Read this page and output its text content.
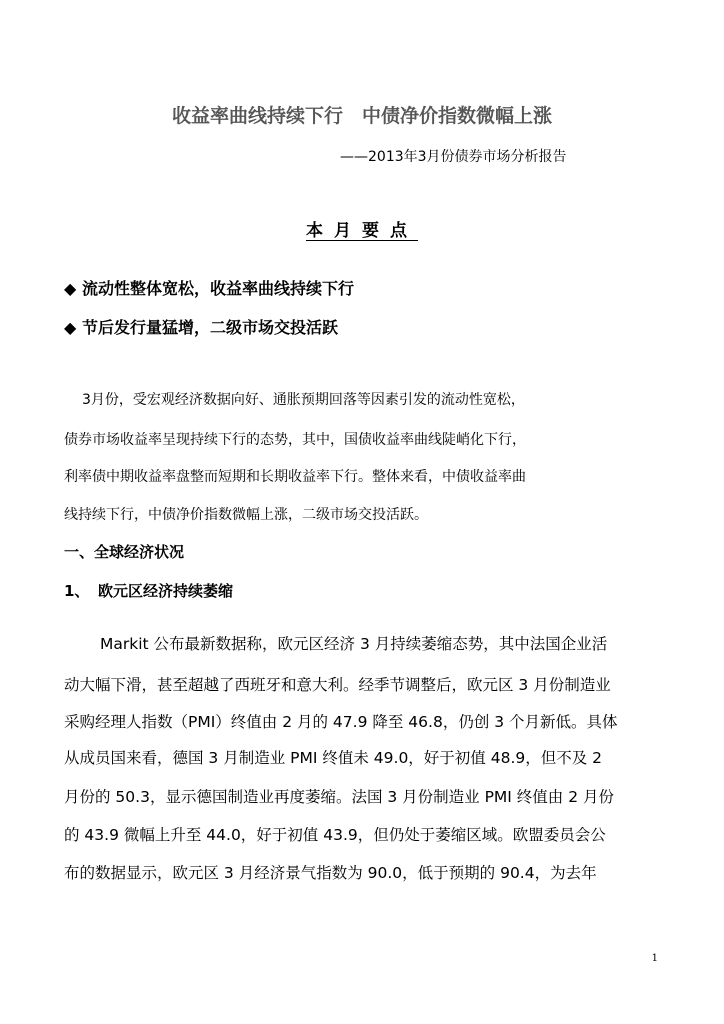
收益率曲线持续下行　中债净价指数微幅上涨
——2013年3月份债券市场分析报告
本月要点
◆ 流动性整体宽松，收益率曲线持续下行
◆ 节后发行量猛增，二级市场交投活跃
3月份，受宏观经济数据向好、通胀预期回落等因素引发的流动性宽松，
债券市场收益率呈现持续下行的态势，其中，国债收益率曲线陡峭化下行，
利率债中期收益率盘整而短期和长期收益率下行。整体来看，中债收益率曲
线持续下行，中债净价指数微幅上涨，二级市场交投活跃。
一、全球经济状况
1、 欧元区经济持续萎缩
Markit 公布最新数据称，欧元区经济 3 月持续萎缩态势，其中法国企业活
动大幅下滑，甚至超越了西班牙和意大利。经季节调整后，欧元区 3 月份制造业
采购经理人指数（PMI）终值由 2 月的 47.9 降至 46.8，仍创 3 个月新低。具体
从成员国来看，德国 3 月制造业 PMI 终值未 49.0，好于初值 48.9，但不及 2
月份的 50.3，显示德国制造业再度萎缩。法国 3 月份制造业 PMI 终值由 2 月份
的 43.9 微幅上升至 44.0，好于初值 43.9，但仍处于萎缩区域。欧盟委员会公
布的数据显示，欧元区 3 月经济景气指数为 90.0，低于预期的 90.4，为去年
1
